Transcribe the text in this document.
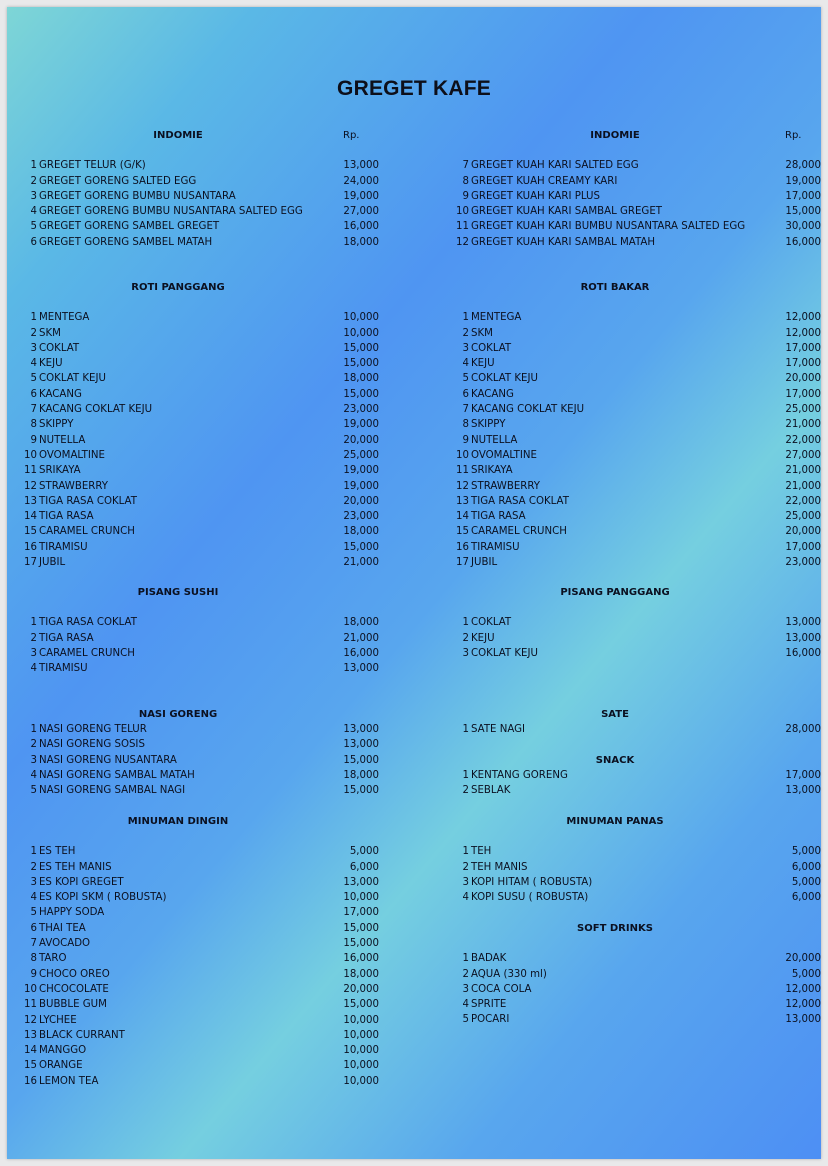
GREGET KAFE
INDOMIE	Rp.
1 GREGET TELUR (G/K)	13,000
2 GREGET GORENG SALTED EGG	24,000
3 GREGET GORENG BUMBU NUSANTARA	19,000
4 GREGET GORENG BUMBU NUSANTARA SALTED EGG	27,000
5 GREGET GORENG SAMBEL GREGET	16,000
6 GREGET GORENG SAMBEL MATAH	18,000
INDOMIE	Rp.
7 GREGET KUAH KARI SALTED EGG	28,000
8 GREGET KUAH CREAMY KARI	19,000
9 GREGET KUAH KARI PLUS	17,000
10 GREGET KUAH KARI SAMBAL GREGET	15,000
11 GREGET KUAH KARI BUMBU NUSANTARA SALTED EGG	30,000
12 GREGET KUAH KARI SAMBAL MATAH	16,000
ROTI PANGGANG
1 MENTEGA	10,000
2 SKM	10,000
3 COKLAT	15,000
4 KEJU	15,000
5 COKLAT KEJU	18,000
6 KACANG	15,000
7 KACANG COKLAT KEJU	23,000
8 SKIPPY	19,000
9 NUTELLA	20,000
10 OVOMALTINE	25,000
11 SRIKAYA	19,000
12 STRAWBERRY	19,000
13 TIGA RASA COKLAT	20,000
14 TIGA RASA	23,000
15 CARAMEL CRUNCH	18,000
16 TIRAMISU	15,000
17 JUBIL	21,000
ROTI BAKAR
1 MENTEGA	12,000
2 SKM	12,000
3 COKLAT	17,000
4 KEJU	17,000
5 COKLAT KEJU	20,000
6 KACANG	17,000
7 KACANG COKLAT KEJU	25,000
8 SKIPPY	21,000
9 NUTELLA	22,000
10 OVOMALTINE	27,000
11 SRIKAYA	21,000
12 STRAWBERRY	21,000
13 TIGA RASA COKLAT	22,000
14 TIGA RASA	25,000
15 CARAMEL CRUNCH	20,000
16 TIRAMISU	17,000
17 JUBIL	23,000
PISANG SUSHI
1 TIGA RASA COKLAT	18,000
2 TIGA RASA	21,000
3 CARAMEL CRUNCH	16,000
4 TIRAMISU	13,000
PISANG PANGGANG
1 COKLAT	13,000
2 KEJU	13,000
3 COKLAT KEJU	16,000
NASI GORENG
1 NASI GORENG TELUR	13,000
2 NASI GORENG SOSIS	13,000
3 NASI GORENG NUSANTARA	15,000
4 NASI GORENG SAMBAL MATAH	18,000
5 NASI GORENG SAMBAL NAGI	15,000
SATE
1 SATE NAGI	28,000
SNACK
1 KENTANG GORENG	17,000
2 SEBLAK	13,000
MINUMAN DINGIN
1 ES TEH	5,000
2 ES TEH MANIS	6,000
3 ES KOPI GREGET	13,000
4 ES KOPI SKM ( ROBUSTA)	10,000
5 HAPPY SODA	17,000
6 THAI TEA	15,000
7 AVOCADO	15,000
8 TARO	16,000
9 CHOCO OREO	18,000
10 CHCOCOLATE	20,000
11 BUBBLE GUM	15,000
12 LYCHEE	10,000
13 BLACK CURRANT	10,000
14 MANGGO	10,000
15 ORANGE	10,000
16 LEMON TEA	10,000
MINUMAN PANAS
1 TEH	5,000
2 TEH MANIS	6,000
3 KOPI HITAM ( ROBUSTA)	5,000
4 KOPI SUSU ( ROBUSTA)	6,000
SOFT DRINKS
1 BADAK	20,000
2 AQUA (330 ml)	5,000
3 COCA COLA	12,000
4 SPRITE	12,000
5 POCARI	13,000
